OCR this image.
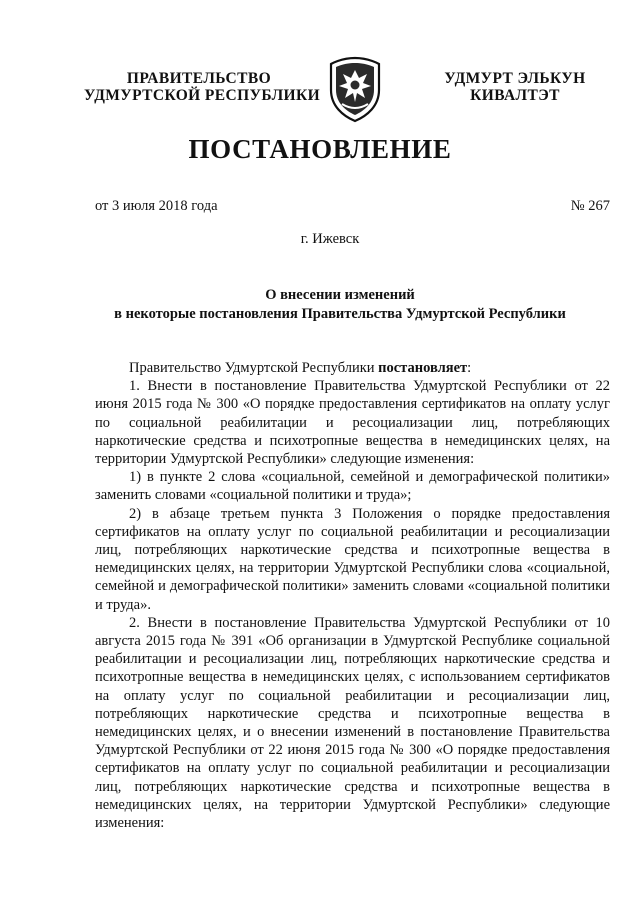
ПРАВИТЕЛЬСТВО
УДМУРТСКОЙ РЕСПУБЛИКИ
УДМУРТ ЭЛЬКУН
КИВАЛТЭТ
ПОСТАНОВЛЕНИЕ
от 3 июля 2018 года	№ 267
г. Ижевск
О внесении изменений
в некоторые постановления Правительства Удмуртской Республики

Правительство Удмуртской Республики постановляет:

1. Внести в постановление Правительства Удмуртской Республики от 22 июня 2015 года № 300 «О порядке предоставления сертификатов на оплату услуг по социальной реабилитации и ресоциализации лиц, потребляющих наркотические средства и психотропные вещества в немедицинских целях, на территории Удмуртской Республики» следующие изменения:

1) в пункте 2 слова «социальной, семейной и демографической политики» заменить словами «социальной политики и труда»;

2) в абзаце третьем пункта 3 Положения о порядке предоставления сертификатов на оплату услуг по социальной реабилитации и ресоциализации лиц, потребляющих наркотические средства и психотропные вещества в немедицинских целях, на территории Удмуртской Республики слова «социальной, семейной и демографической политики» заменить словами «социальной политики и труда».

2. Внести в постановление Правительства Удмуртской Республики от 10 августа 2015 года № 391 «Об организации в Удмуртской Республике социальной реабилитации и ресоциализации лиц, потребляющих наркотические средства и психотропные вещества в немедицинских целях, с использованием сертификатов на оплату услуг по социальной реабилитации и ресоциализации лиц, потребляющих наркотические средства и психотропные вещества в немедицинских целях, и о внесении изменений в постановление Правительства Удмуртской Республики от 22 июня 2015 года № 300 «О порядке предоставления сертификатов на оплату услуг по социальной реабилитации и ресоциализации лиц, потребляющих наркотические средства и психотропные вещества в немедицинских целях, на территории Удмуртской Республики» следующие изменения:
